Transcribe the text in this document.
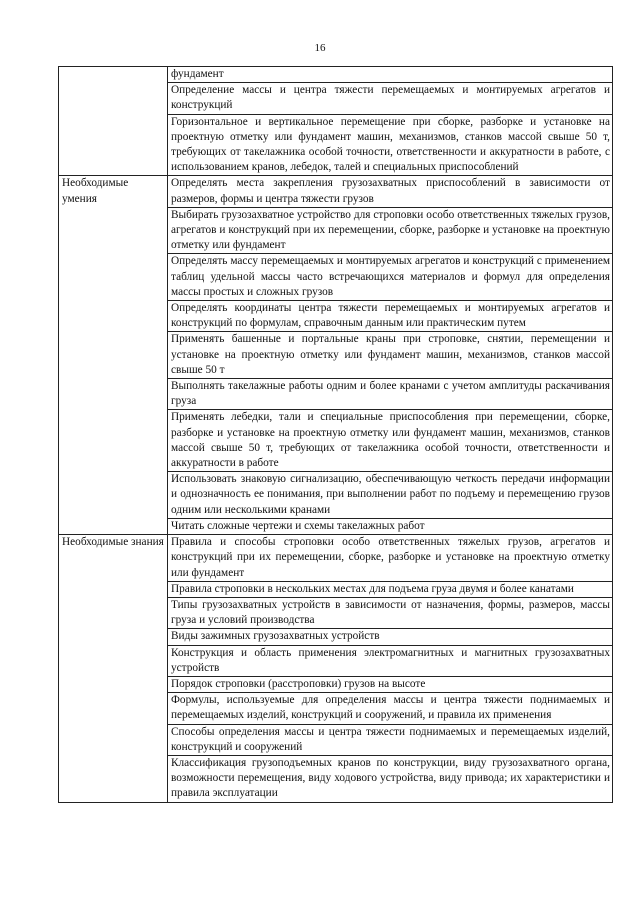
16
	фундамент
	Определение массы и центра тяжести перемещаемых и монтируемых агрегатов и конструкций
	Горизонтальное и вертикальное перемещение при сборке, разборке и установке на проектную отметку или фундамент машин, механизмов, станков массой свыше 50 т, требующих от такелажника особой точности, ответственности и аккуратности в работе, с использованием кранов, лебедок, талей и специальных приспособлений
Необходимые умения	Определять места закрепления грузозахватных приспособлений в зависимости от размеров, формы и центра тяжести грузов
	Выбирать грузозахватное устройство для строповки особо ответственных тяжелых грузов, агрегатов и конструкций при их перемещении, сборке, разборке и установке на проектную отметку или фундамент
	Определять массу перемещаемых и монтируемых агрегатов и конструкций с применением таблиц удельной массы часто встречающихся материалов и формул для определения массы простых и сложных грузов
	Определять координаты центра тяжести перемещаемых и монтируемых агрегатов и конструкций по формулам, справочным данным или практическим путем
	Применять башенные и портальные краны при строповке, снятии, перемещении и установке на проектную отметку или фундамент машин, механизмов, станков массой свыше 50 т
	Выполнять такелажные работы одним и более кранами с учетом амплитуды раскачивания груза
	Применять лебедки, тали и специальные приспособления при перемещении, сборке, разборке и установке на проектную отметку или фундамент машин, механизмов, станков массой свыше 50 т, требующих от такелажника особой точности, ответственности и аккуратности в работе
	Использовать знаковую сигнализацию, обеспечивающую четкость передачи информации и однозначность ее понимания, при выполнении работ по подъему и перемещению грузов одним или несколькими кранами
	Читать сложные чертежи и схемы такелажных работ
Необходимые знания	Правила и способы строповки особо ответственных тяжелых грузов, агрегатов и конструкций при их перемещении, сборке, разборке и установке на проектную отметку или фундамент
	Правила строповки в нескольких местах для подъема груза двумя и более канатами
	Типы грузозахватных устройств в зависимости от назначения, формы, размеров, массы груза и условий производства
	Виды зажимных грузозахватных устройств
	Конструкция и область применения электромагнитных и магнитных грузозахватных устройств
	Порядок строповки (расстроповки) грузов на высоте
	Формулы, используемые для определения массы и центра тяжести поднимаемых и перемещаемых изделий, конструкций и сооружений, и правила их применения
	Способы определения массы и центра тяжести поднимаемых и перемещаемых изделий, конструкций и сооружений
	Классификация грузоподъемных кранов по конструкции, виду грузозахватного органа, возможности перемещения, виду ходового устройства, виду привода; их характеристики и правила эксплуатации
